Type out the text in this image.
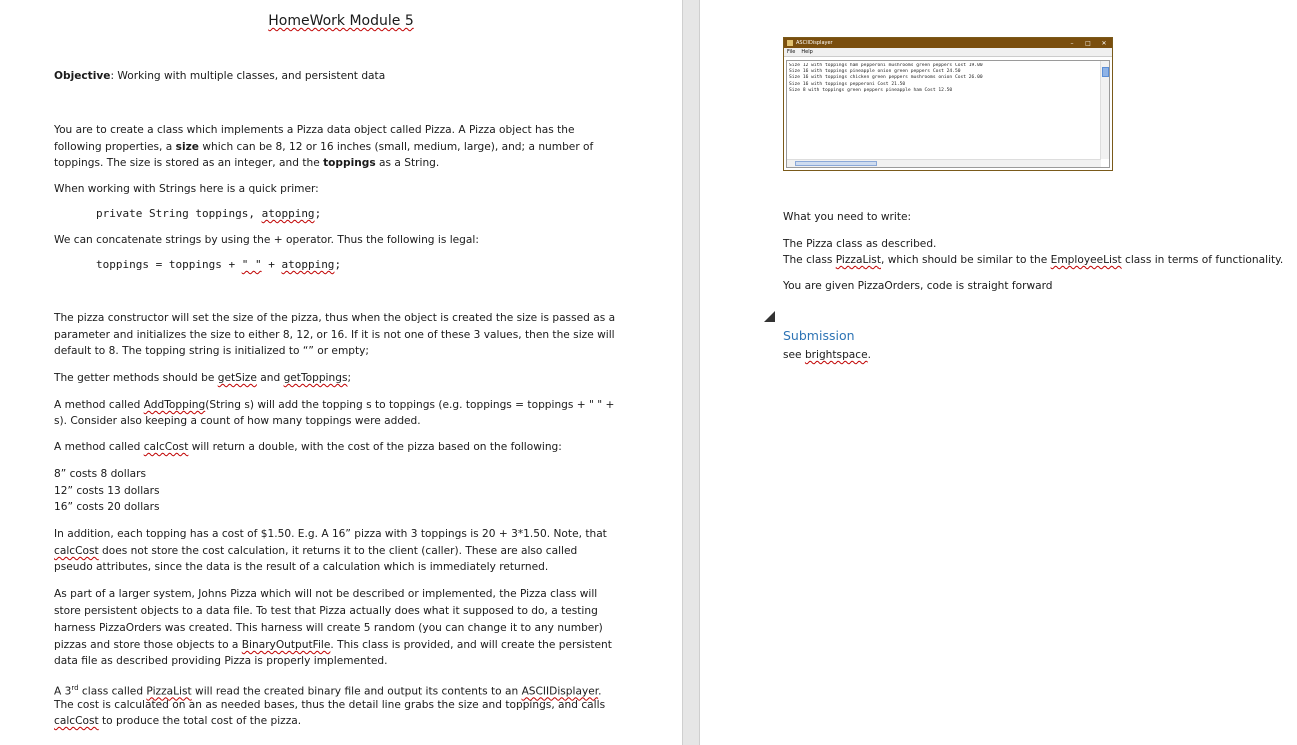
HomeWork Module 5
Objective: Working with multiple classes, and persistent data
You are to create a class which implements a Pizza data object called Pizza. A Pizza object has the
following properties, a size which can be 8, 12 or 16 inches (small, medium, large), and; a number of
toppings. The size is stored as an integer, and the toppings as a String.
When working with Strings here is a quick primer:
private String toppings, atopping;
We can concatenate strings by using the + operator. Thus the following is legal:
toppings = toppings + " " + atopping;
The pizza constructor will set the size of the pizza, thus when the object is created the size is passed as a
parameter and initializes the size to either 8, 12, or 16. If it is not one of these 3 values, then the size will
default to 8. The topping string is initialized to “” or empty;
The getter methods should be getSize and getToppings;
A method called AddTopping(String s) will add the topping s to toppings (e.g. toppings = toppings + " " +
s). Consider also keeping a count of how many toppings were added.
A method called calcCost will return a double, with the cost of the pizza based on the following:
8” costs 8 dollars
12” costs 13 dollars
16” costs 20 dollars
In addition, each topping has a cost of $1.50. E.g. A 16” pizza with 3 toppings is 20 + 3*1.50. Note, that
calcCost does not store the cost calculation, it returns it to the client (caller). These are also called
pseudo attributes, since the data is the result of a calculation which is immediately returned.
As part of a larger system, Johns Pizza which will not be described or implemented, the Pizza class will
store persistent objects to a data file. To test that Pizza actually does what it supposed to do, a testing
harness PizzaOrders was created. This harness will create 5 random (you can change it to any number)
pizzas and store those objects to a BinaryOutputFile. This class is provided, and will create the persistent
data file as described providing Pizza is properly implemented.
A 3rd class called PizzaList will read the created binary file and output its contents to an ASCIIDisplayer.
The cost is calculated on an as needed bases, thus the detail line grabs the size and toppings, and calls
calcCost to produce the total cost of the pizza.
ASCIIDisplayer	–	□	✕
File Help
Size 12 with toppings ham pepperoni mushrooms green peppers Cost 19.00
Size 16 with toppings pineapple onion green peppers Cost 24.50
Size 16 with toppings chicken green peppers mushrooms onion Cost 26.00
Size 16 with toppings pepperoni Cost 21.50
Size 8 with toppings green peppers pineapple ham Cost 12.50
What you need to write:
The Pizza class as described.
The class PizzaList, which should be similar to the EmployeeList class in terms of functionality.
You are given PizzaOrders, code is straight forward
Submission
see brightspace.
